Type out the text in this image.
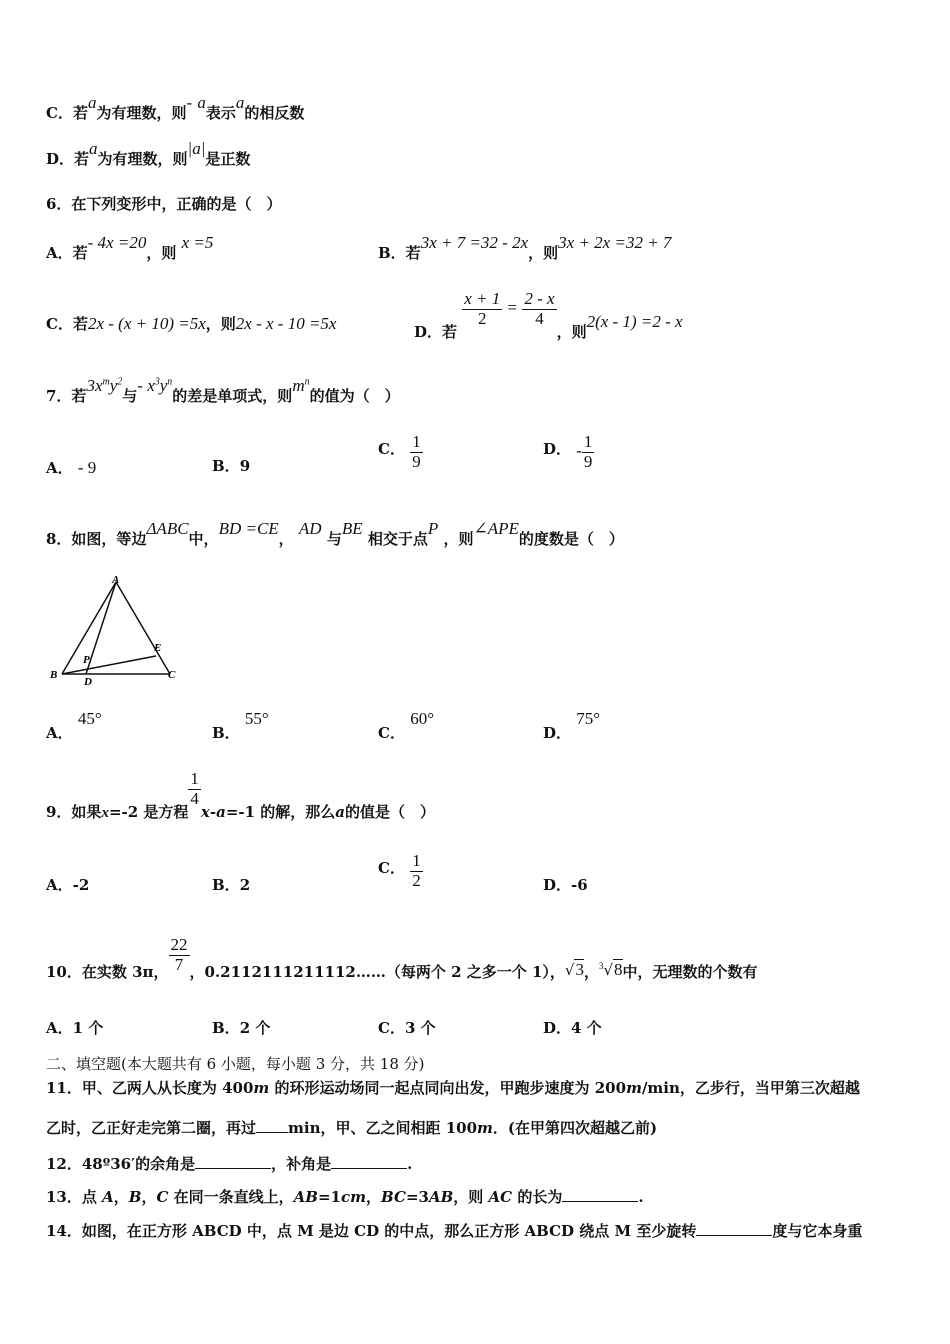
C．若a为有理数，则- a表示a的相反数
D．若a为有理数，则|a|是正数
6．在下列变形中，正确的是（　）
A．若- 4x =20，则 x =5
B．若3x + 7 =32 - 2x，则3x + 2x =32 + 7
C．若2x - (x + 10) =5x，则2x - x - 10 =5x	D．若
$\frac{x + 1}{2} = \frac{2 - x}{4}$
，则2(x - 1) =2 - x
7．若$3x^my^2$与- $x^3y^n$的差是单项式，则$m^n$的值为（　）
A． - 9	B．9
C． $\frac{1}{9}$	D． - $\frac{1}{9}$
8．如图，等边ΔABC中，BD =CE， AD 与BE 相交于点P ，则∠APE的度数是（　）
A
B	C
D
E
P
A． 45°
B． 55°
C． 60°
D． 75°
9．如果x=-2 是方程
$\frac{1}{4}$
x-a=-1 的解，那么a的值是（　）
A．-2	B．2
C． $\frac{1}{2}$	D．-6
10．在实数 3π， $\frac{22}{7}$ ，0.2112111211112……（每两个 2 之多一个 1），√3，$^3$√8中，无理数的个数有
A．1 个	B．2 个	C．3 个	D．4 个
二、填空题(本大题共有 6 小题，每小题 3 分，共 18 分)
11．甲、乙两人从长度为 400m 的环形运动场同一起点同向出发，甲跑步速度为 200m/min，乙步行，当甲第三次超越
乙时，乙正好走完第二圈，再过 min，甲、乙之间相距 100m．(在甲第四次超越乙前)
12．48º36′的余角是	，补角是	.
13．点 A，B，C 在同一条直线上，AB=1cm，BC=3AB，则 AC 的长为	.
14．如图，在正方形 ABCD 中，点 M 是边 CD 的中点，那么正方形 ABCD 绕点 M 至少旋转	度与它本身重
